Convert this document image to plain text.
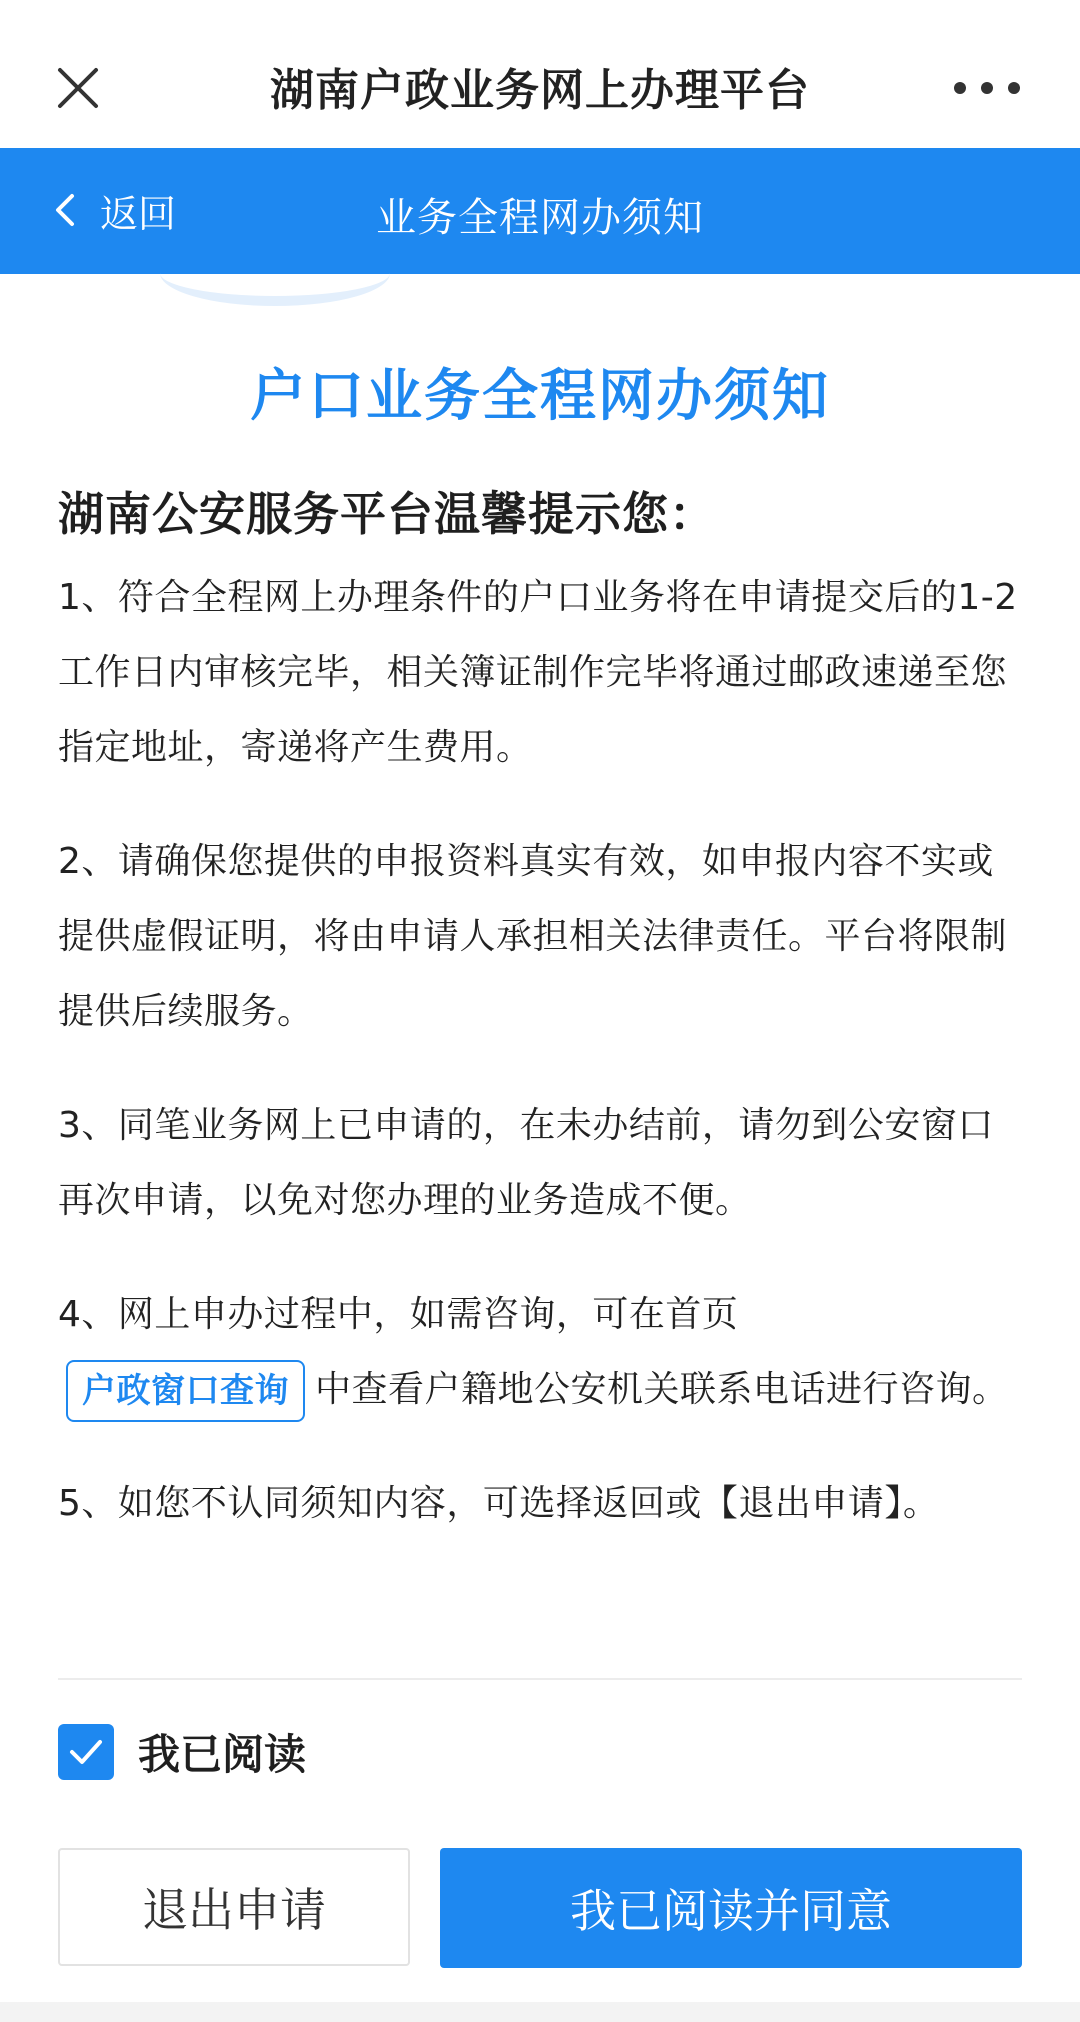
湖南户政业务网上办理平台
返回	业务全程网办须知
户口业务全程网办须知
湖南公安服务平台温馨提示您：
1、符合全程网上办理条件的户口业务将在申请提交后的1-2工作日内审核完毕，相关簿证制作完毕将通过邮政速递至您指定地址，寄递将产生费用。
2、请确保您提供的申报资料真实有效，如申报内容不实或提供虚假证明，将由申请人承担相关法律责任。平台将限制提供后续服务。
3、同笔业务网上已申请的，在未办结前，请勿到公安窗口再次申请，以免对您办理的业务造成不便。
4、网上申办过程中，如需咨询，可在首页
户政窗口查询 中查看户籍地公安机关联系电话进行咨询。
5、如您不认同须知内容，可选择返回或【退出申请】。
我已阅读
退出申请	我已阅读并同意
